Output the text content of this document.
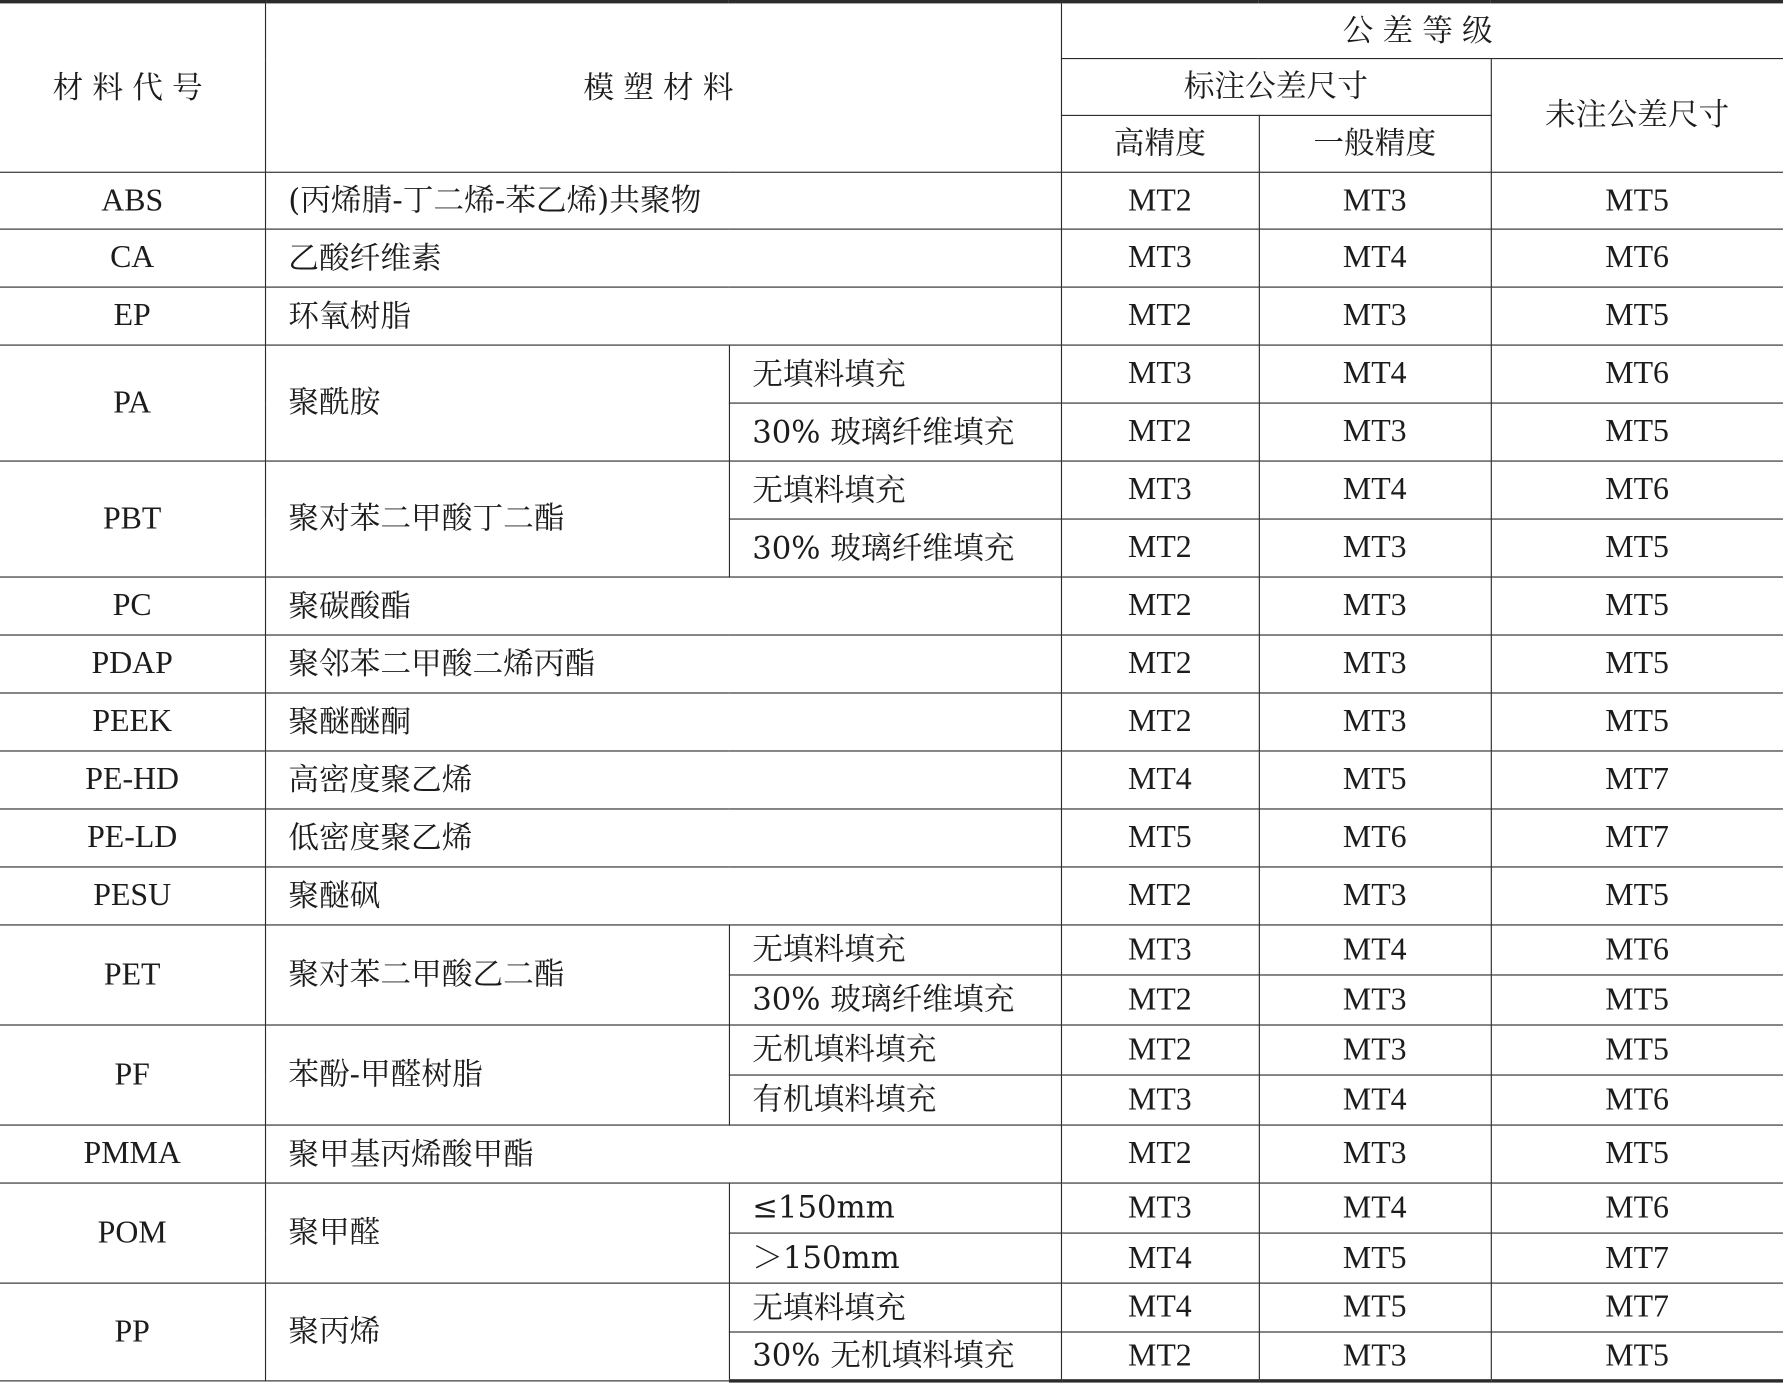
材料代号	模塑材料		公差等级		
			标注公差尺寸		未注公差尺寸
			高精度	一般精度	
ABS	(丙烯腈-丁二烯-苯乙烯)共聚物		MT2	MT3	MT5
CA	乙酸纤维素		MT3	MT4	MT6
EP	环氧树脂		MT2	MT3	MT5
PA	聚酰胺	无填料填充	MT3	MT4	MT6
		30% 玻璃纤维填充	MT2	MT3	MT5
PBT	聚对苯二甲酸丁二酯	无填料填充	MT3	MT4	MT6
		30% 玻璃纤维填充	MT2	MT3	MT5
PC	聚碳酸酯		MT2	MT3	MT5
PDAP	聚邻苯二甲酸二烯丙酯		MT2	MT3	MT5
PEEK	聚醚醚酮		MT2	MT3	MT5
PE-HD	高密度聚乙烯		MT4	MT5	MT7
PE-LD	低密度聚乙烯		MT5	MT6	MT7
PESU	聚醚砜		MT2	MT3	MT5
PET	聚对苯二甲酸乙二酯	无填料填充	MT3	MT4	MT6
		30% 玻璃纤维填充	MT2	MT3	MT5
PF	苯酚-甲醛树脂	无机填料填充	MT2	MT3	MT5
		有机填料填充	MT3	MT4	MT6
PMMA	聚甲基丙烯酸甲酯		MT2	MT3	MT5
POM	聚甲醛	≤150mm	MT3	MT4	MT6
		＞150mm	MT4	MT5	MT7
PP	聚丙烯	无填料填充	MT4	MT5	MT7
		30% 无机填料填充	MT2	MT3	MT5
